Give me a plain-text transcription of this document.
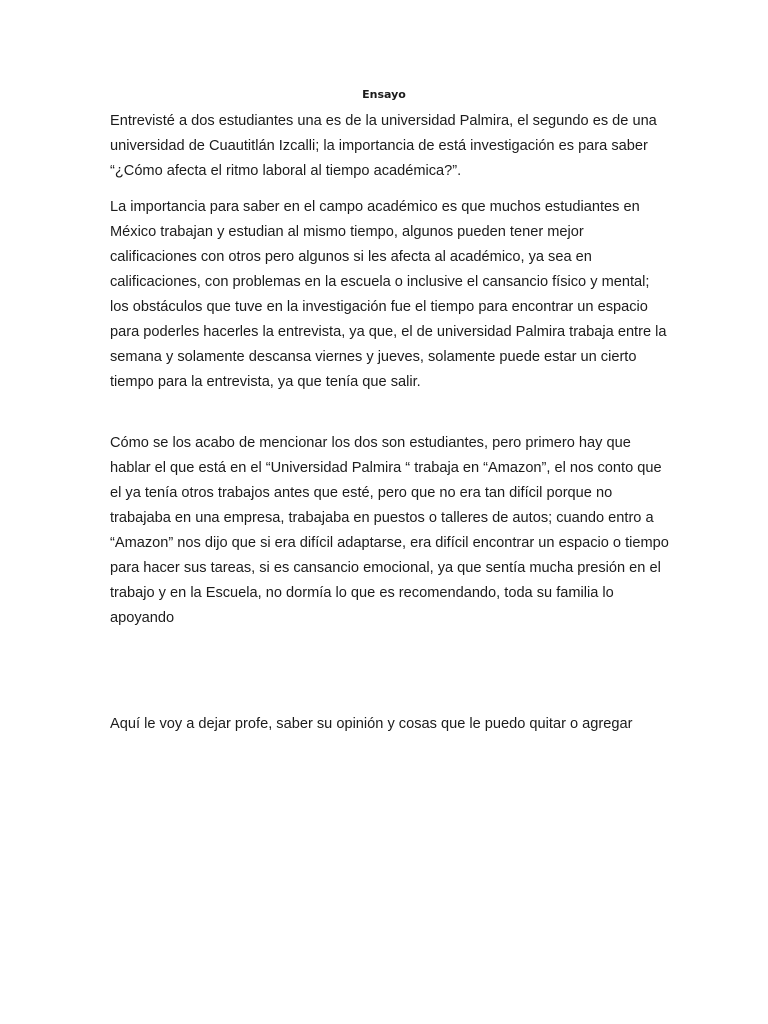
Ensayo

Entrevisté a dos estudiantes una es de la universidad Palmira, el segundo es de una universidad de Cuautitlán Izcalli; la importancia de está investigación es para saber “¿Cómo afecta el ritmo laboral al tiempo académica?”.

La importancia para saber en el campo académico es que muchos estudiantes en México trabajan y estudian al mismo tiempo, algunos pueden tener mejor calificaciones con otros pero algunos si les afecta al académico, ya sea en calificaciones, con problemas en la escuela o inclusive el cansancio físico y mental; los obstáculos que tuve en la investigación fue el tiempo para encontrar un espacio para poderles hacerles la entrevista, ya que, el de universidad Palmira trabaja entre la semana y solamente descansa viernes y jueves, solamente puede estar un cierto tiempo para la entrevista, ya que tenía que salir.

Cómo se los acabo de mencionar los dos son estudiantes, pero primero hay que hablar el que está en el “Universidad Palmira “ trabaja en “Amazon”, el nos conto que el ya tenía otros trabajos antes que esté, pero que no era tan difícil porque no trabajaba en una empresa, trabajaba en puestos o talleres de autos; cuando entro a “Amazon” nos dijo que si era difícil adaptarse, era difícil encontrar un espacio o tiempo para hacer sus tareas, si es cansancio emocional, ya que sentía mucha presión en el trabajo y en la Escuela, no dormía lo que es recomendando, toda su familia lo apoyando

Aquí le voy a dejar profe, saber su opinión y cosas que le puedo quitar o agregar
